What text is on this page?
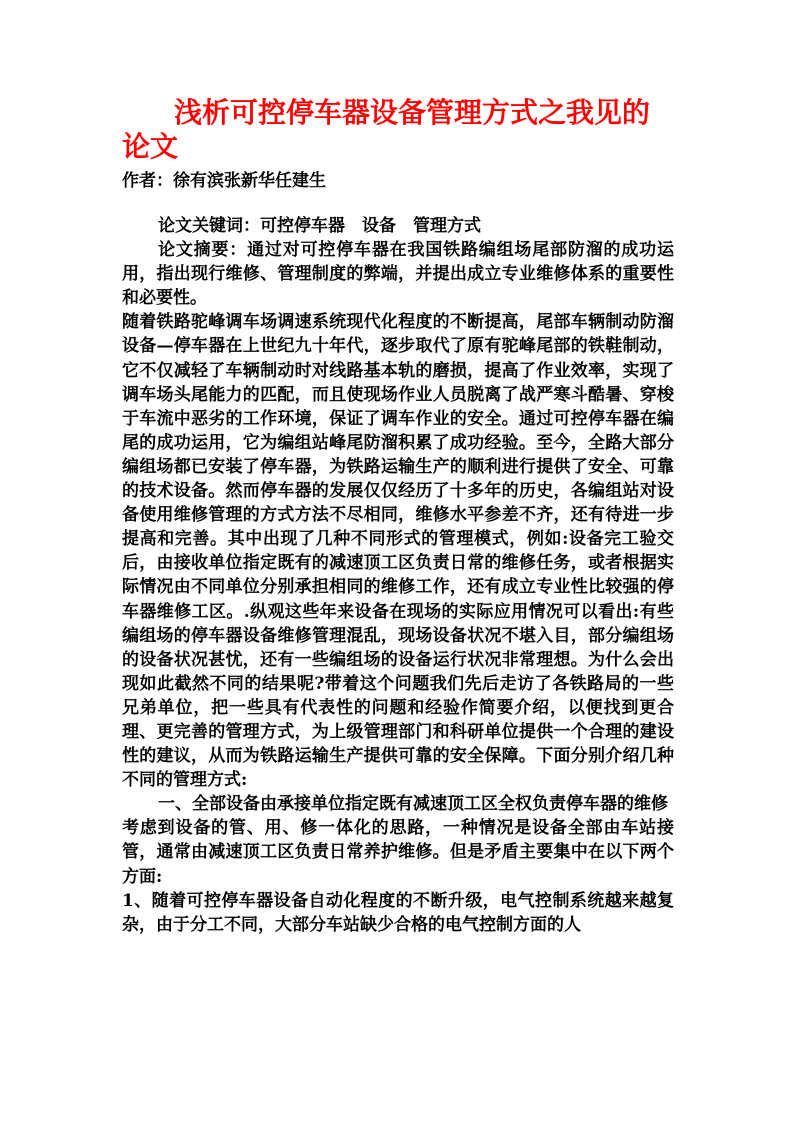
浅析可控停车器设备管理方式之我见的论文

作者：徐有滨张新华任建生

论文关键词：可控停车器　设备　管理方式

论文摘要：通过对可控停车器在我国铁路编组场尾部防溜的成功运用，指出现行维修、管理制度的弊端，并提出成立专业维修体系的重要性和必要性。

随着铁路驼峰调车场调速系统现代化程度的不断提高，尾部车辆制动防溜设备—停车器在上世纪九十年代，逐步取代了原有驼峰尾部的铁鞋制动，它不仅减轻了车辆制动时对线路基本轨的磨损，提高了作业效率，实现了调车场头尾能力的匹配，而且使现场作业人员脱离了战严寒斗酷暑、穿梭于车流中恶劣的工作环境，保证了调车作业的安全。通过可控停车器在编尾的成功运用，它为编组站峰尾防溜积累了成功经验。至今，全路大部分编组场都已安装了停车器，为铁路运输生产的顺利进行提供了安全、可靠的技术设备。然而停车器的发展仅仅经历了十多年的历史，各编组站对设备使用维修管理的方式方法不尽相同，维修水平参差不齐，还有待进一步提高和完善。其中出现了几种不同形式的管理模式，例如:设备完工验交后，由接收单位指定既有的减速顶工区负责日常的维修任务，或者根据实际情况由不同单位分别承担相同的维修工作，还有成立专业性比较强的停车器维修工区。.纵观这些年来设备在现场的实际应用情况可以看出:有些编组场的停车器设备维修管理混乱，现场设备状况不堪入目，部分编组场的设备状况甚忧，还有一些编组场的设备运行状况非常理想。为什么会出现如此截然不同的结果呢?带着这个问题我们先后走访了各铁路局的一些兄弟单位，把一些具有代表性的问题和经验作简要介绍，以便找到更合理、更完善的管理方式，为上级管理部门和科研单位提供一个合理的建设性的建议，从而为铁路运输生产提供可靠的安全保障。下面分别介绍几种不同的管理方式:

一、全部设备由承接单位指定既有减速顶工区全权负责停车器的维修

考虑到设备的管、用、修一体化的思路，一种情况是设备全部由车站接管，通常由减速顶工区负责日常养护维修。但是矛盾主要集中在以下两个方面:

1、随着可控停车器设备自动化程度的不断升级，电气控制系统越来越复杂，由于分工不同，大部分车站缺少合格的电气控制方面的人
